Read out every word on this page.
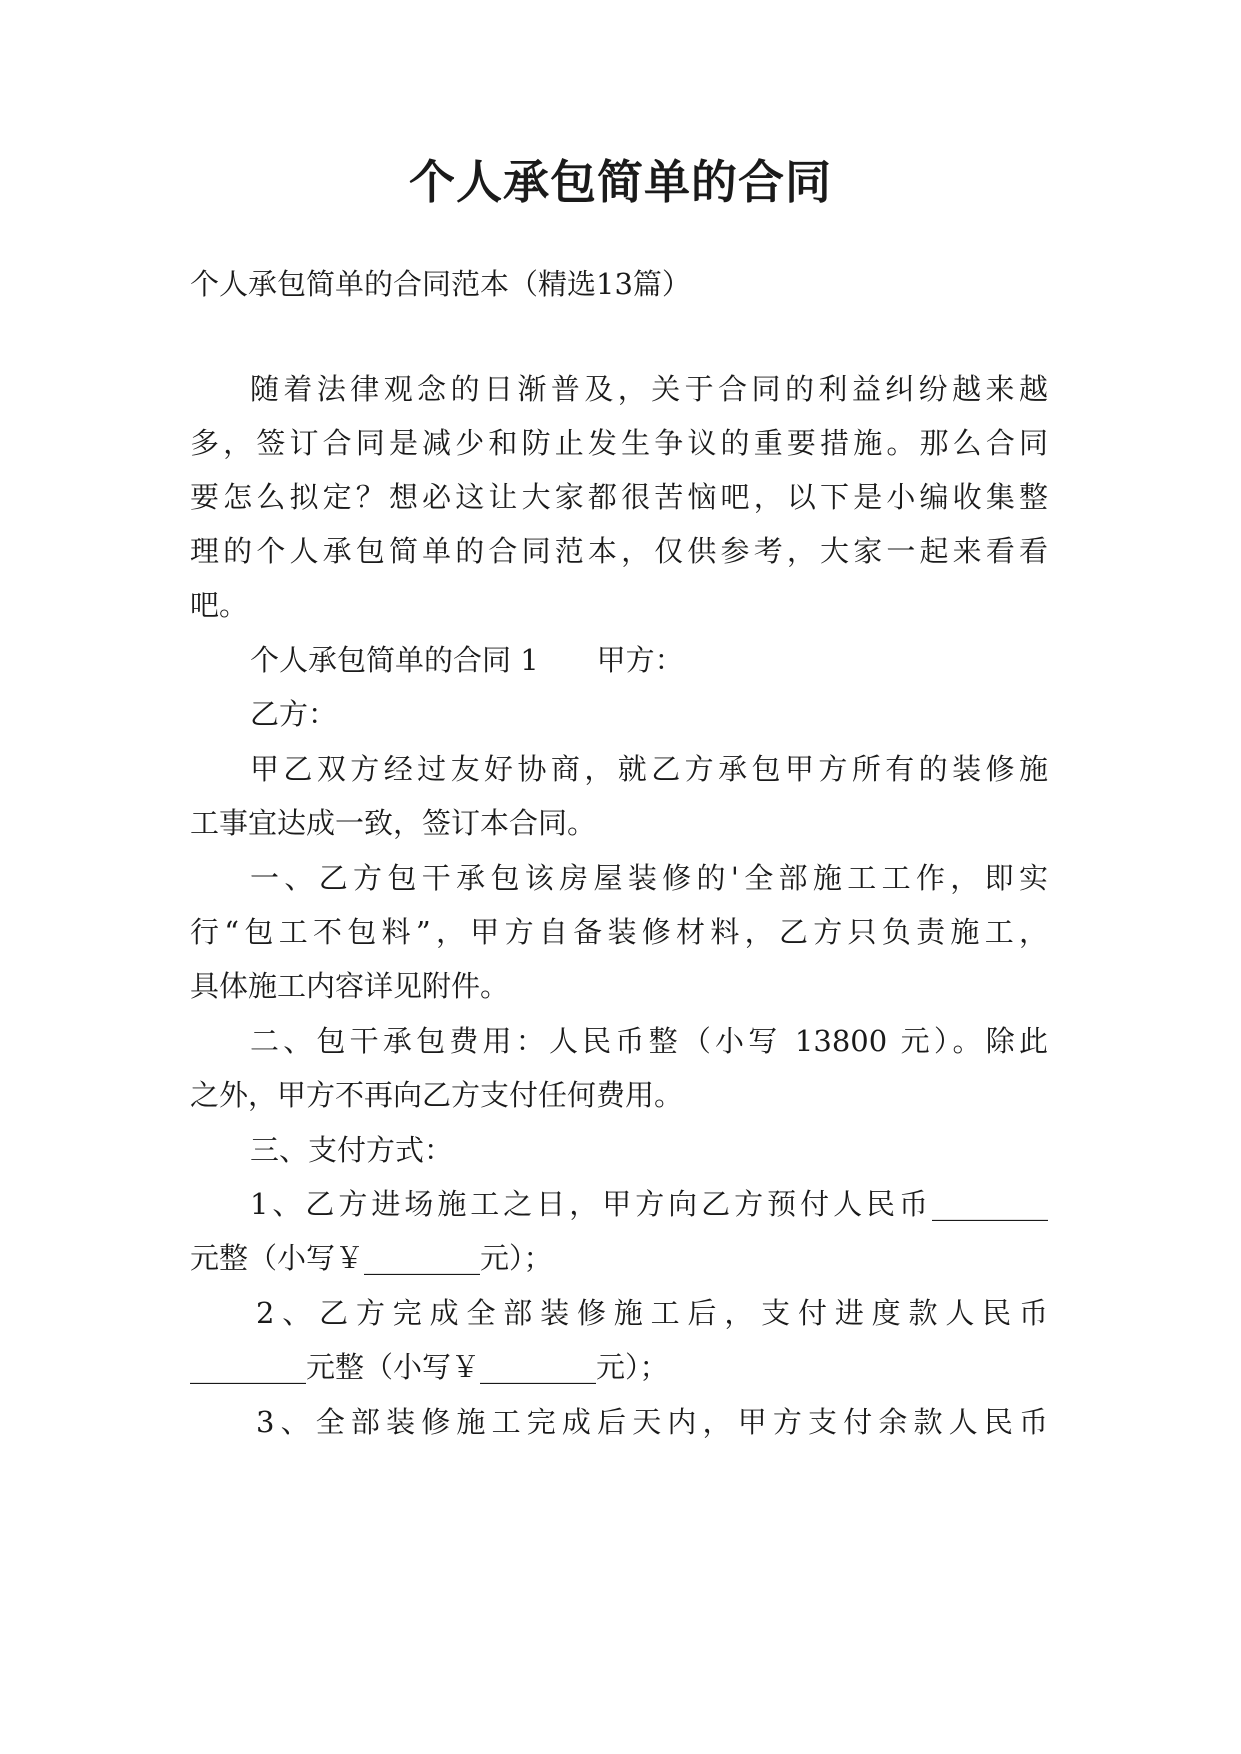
个人承包简单的合同
个人承包简单的合同范本（精选13篇）
随着法律观念的日渐普及，关于合同的利益纠纷越来越
多，签订合同是减少和防止发生争议的重要措施。那么合同
要怎么拟定？想必这让大家都很苦恼吧，以下是小编收集整
理的个人承包简单的合同范本，仅供参考，大家一起来看看
吧。
个人承包简单的合同 1　　甲方：
乙方：
甲乙双方经过友好协商，就乙方承包甲方所有的装修施
工事宜达成一致，签订本合同。
一、乙方包干承包该房屋装修的'全部施工工作，即实
行“包工不包料”，甲方自备装修材料，乙方只负责施工，
具体施工内容详见附件。
二、包干承包费用：人民币整（小写 13800 元）。除此
之外，甲方不再向乙方支付任何费用。
三、支付方式：
1、乙方进场施工之日，甲方向乙方预付人民币________
元整（小写￥________元）；
2、乙方完成全部装修施工后，支付进度款人民币
________元整（小写￥________元）；
3、全部装修施工完成后天内，甲方支付余款人民币
